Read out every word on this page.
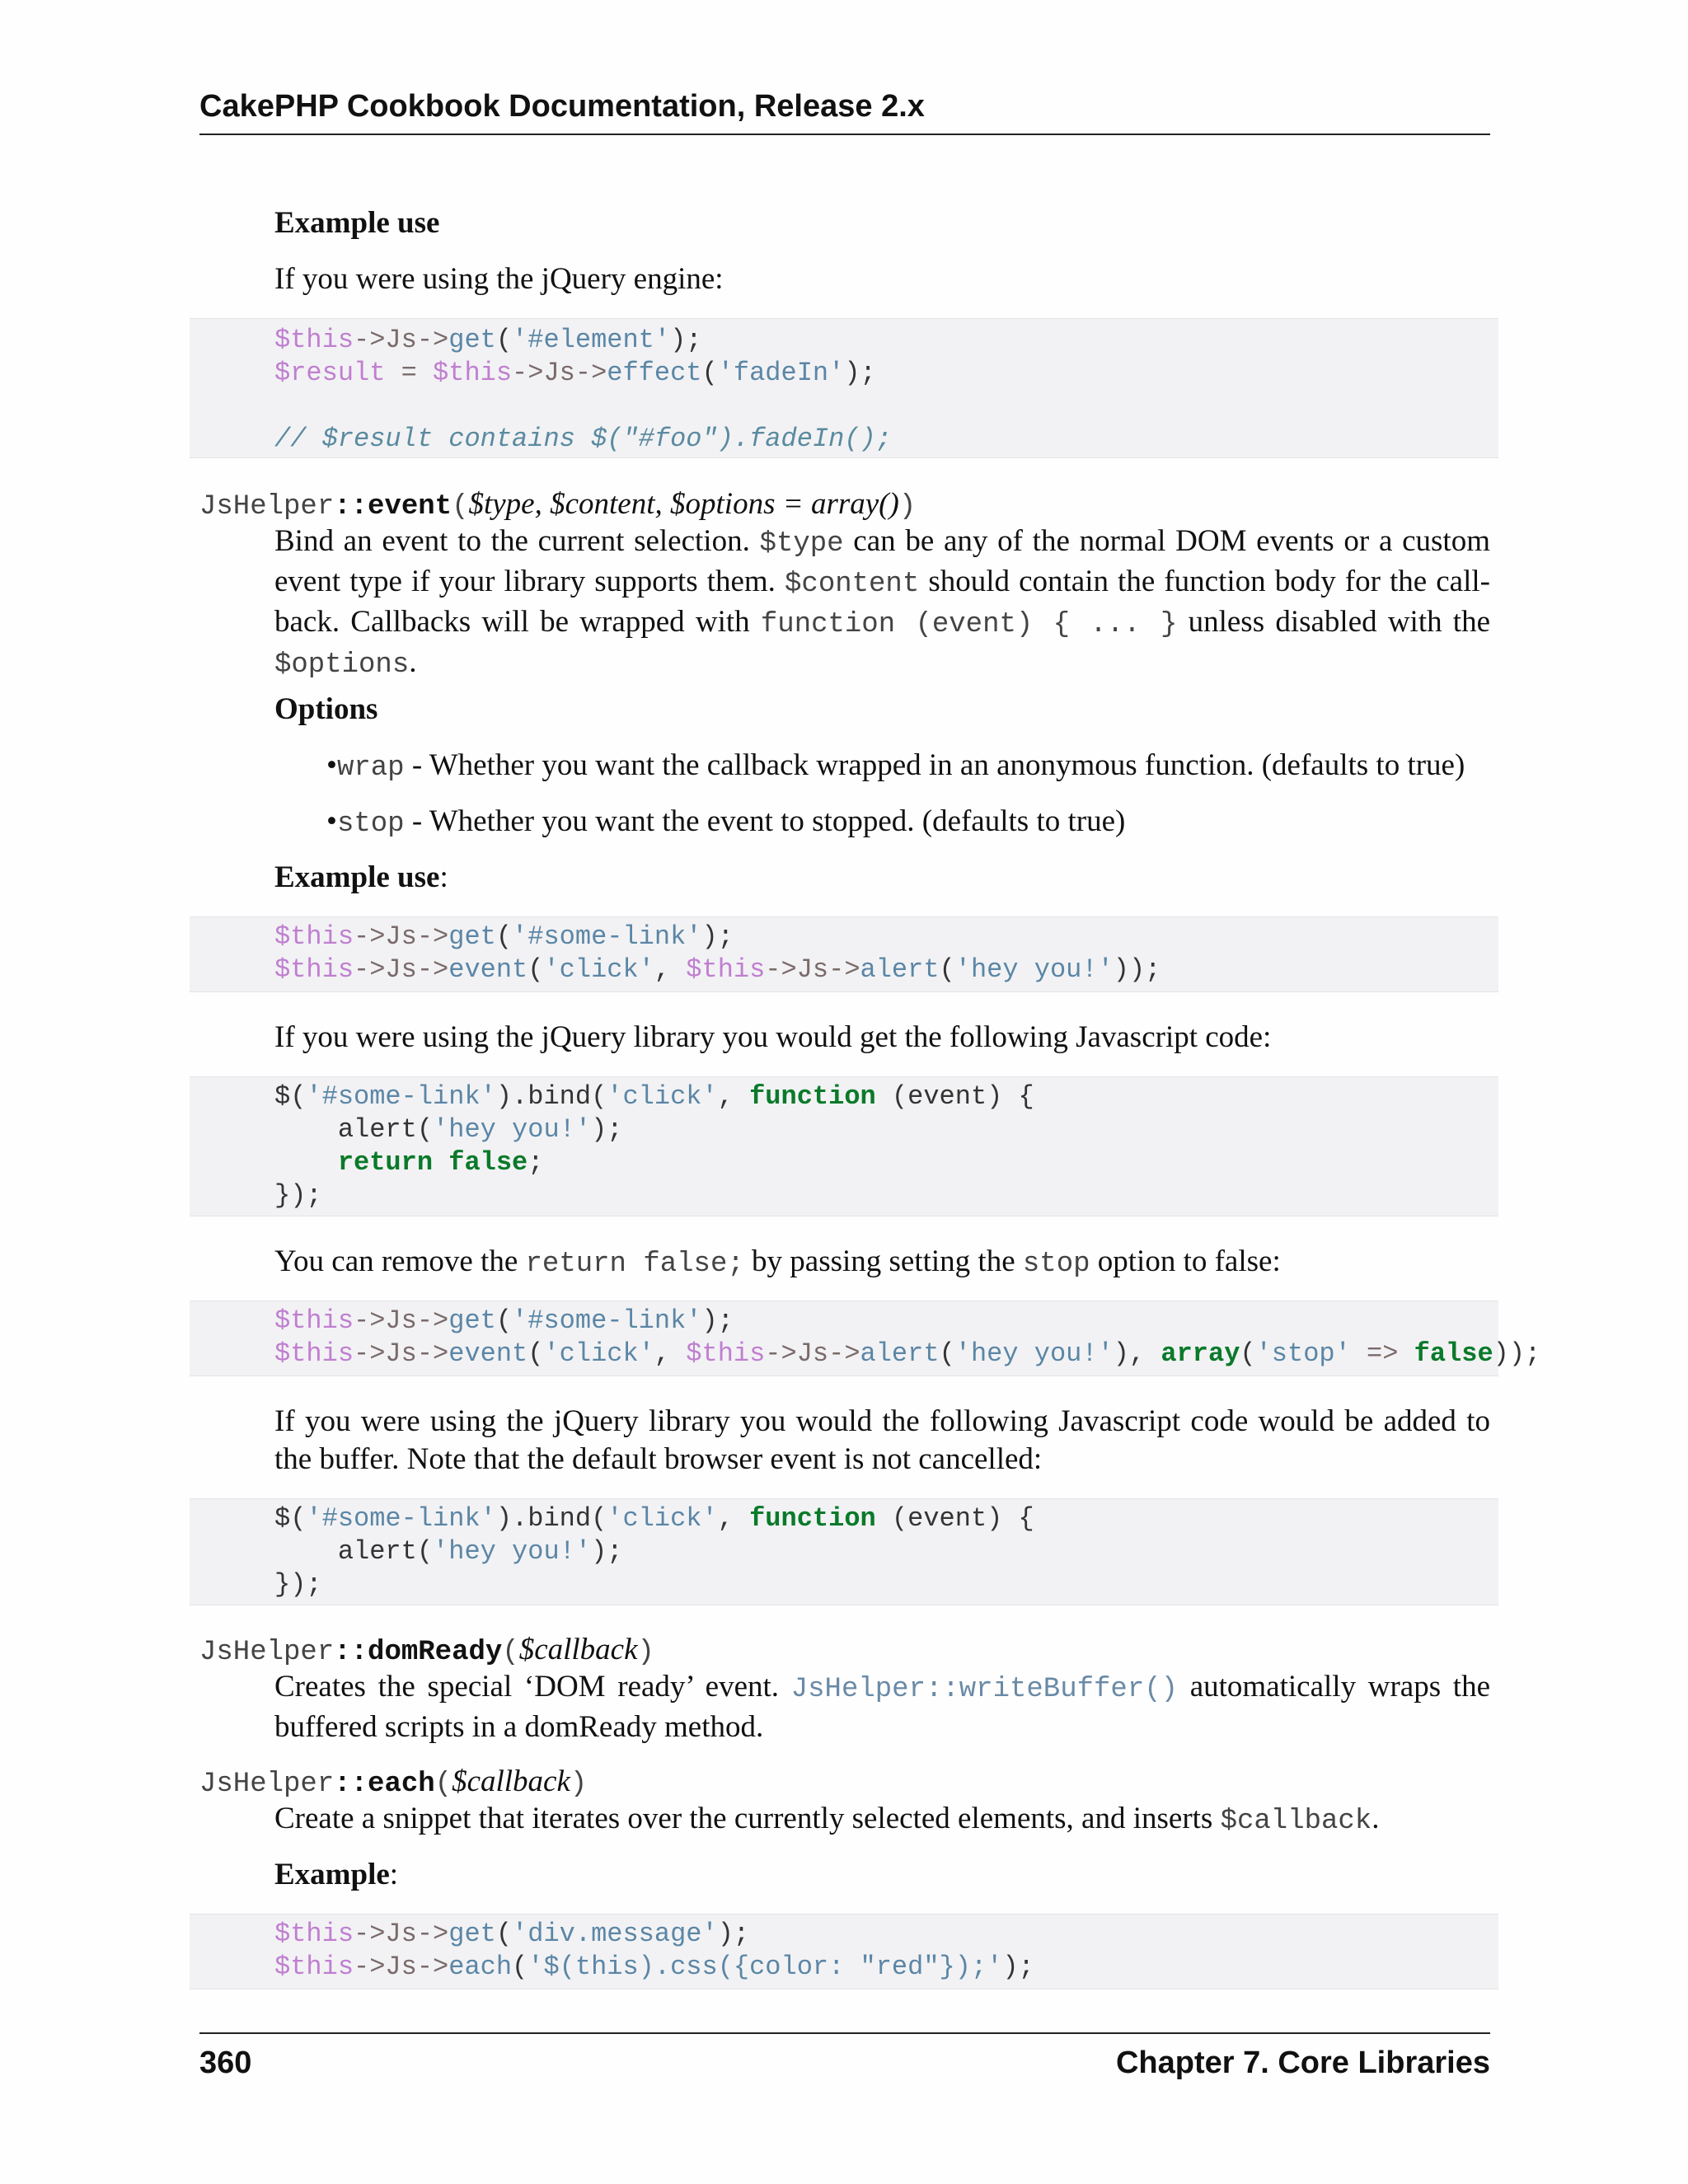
CakePHP Cookbook Documentation, Release 2.x
Example use
If you were using the jQuery engine:
$this->Js->get('#element');
$result = $this->Js->effect('fadeIn');

// $result contains $("#foo").fadeIn();
JsHelper::event($type, $content, $options = array())
Bind an event to the current selection. $type can be any of the normal DOM events or a custom event type if your library supports them. $content should contain the function body for the call-back. Callbacks will be wrapped with function (event) { ... } unless disabled with the $options.
Options
•wrap - Whether you want the callback wrapped in an anonymous function. (defaults to true)
•stop - Whether you want the event to stopped. (defaults to true)
Example use:
$this->Js->get('#some-link');
$this->Js->event('click', $this->Js->alert('hey you!'));
If you were using the jQuery library you would get the following Javascript code:
$('#some-link').bind('click', function (event) {
alert('hey you!');
return false;
});
You can remove the return false; by passing setting the stop option to false:
$this->Js->get('#some-link');
$this->Js->event('click', $this->Js->alert('hey you!'), array('stop' => false));
If you were using the jQuery library you would the following Javascript code would be added to the buffer. Note that the default browser event is not cancelled:
$('#some-link').bind('click', function (event) {
alert('hey you!');
});
JsHelper::domReady($callback)
Creates the special ‘DOM ready’ event. JsHelper::writeBuffer() automatically wraps the buffered scripts in a domReady method.
JsHelper::each($callback)
Create a snippet that iterates over the currently selected elements, and inserts $callback.
Example:
$this->Js->get('div.message');
$this->Js->each('$(this).css({color: "red"});');
360	Chapter 7. Core Libraries
